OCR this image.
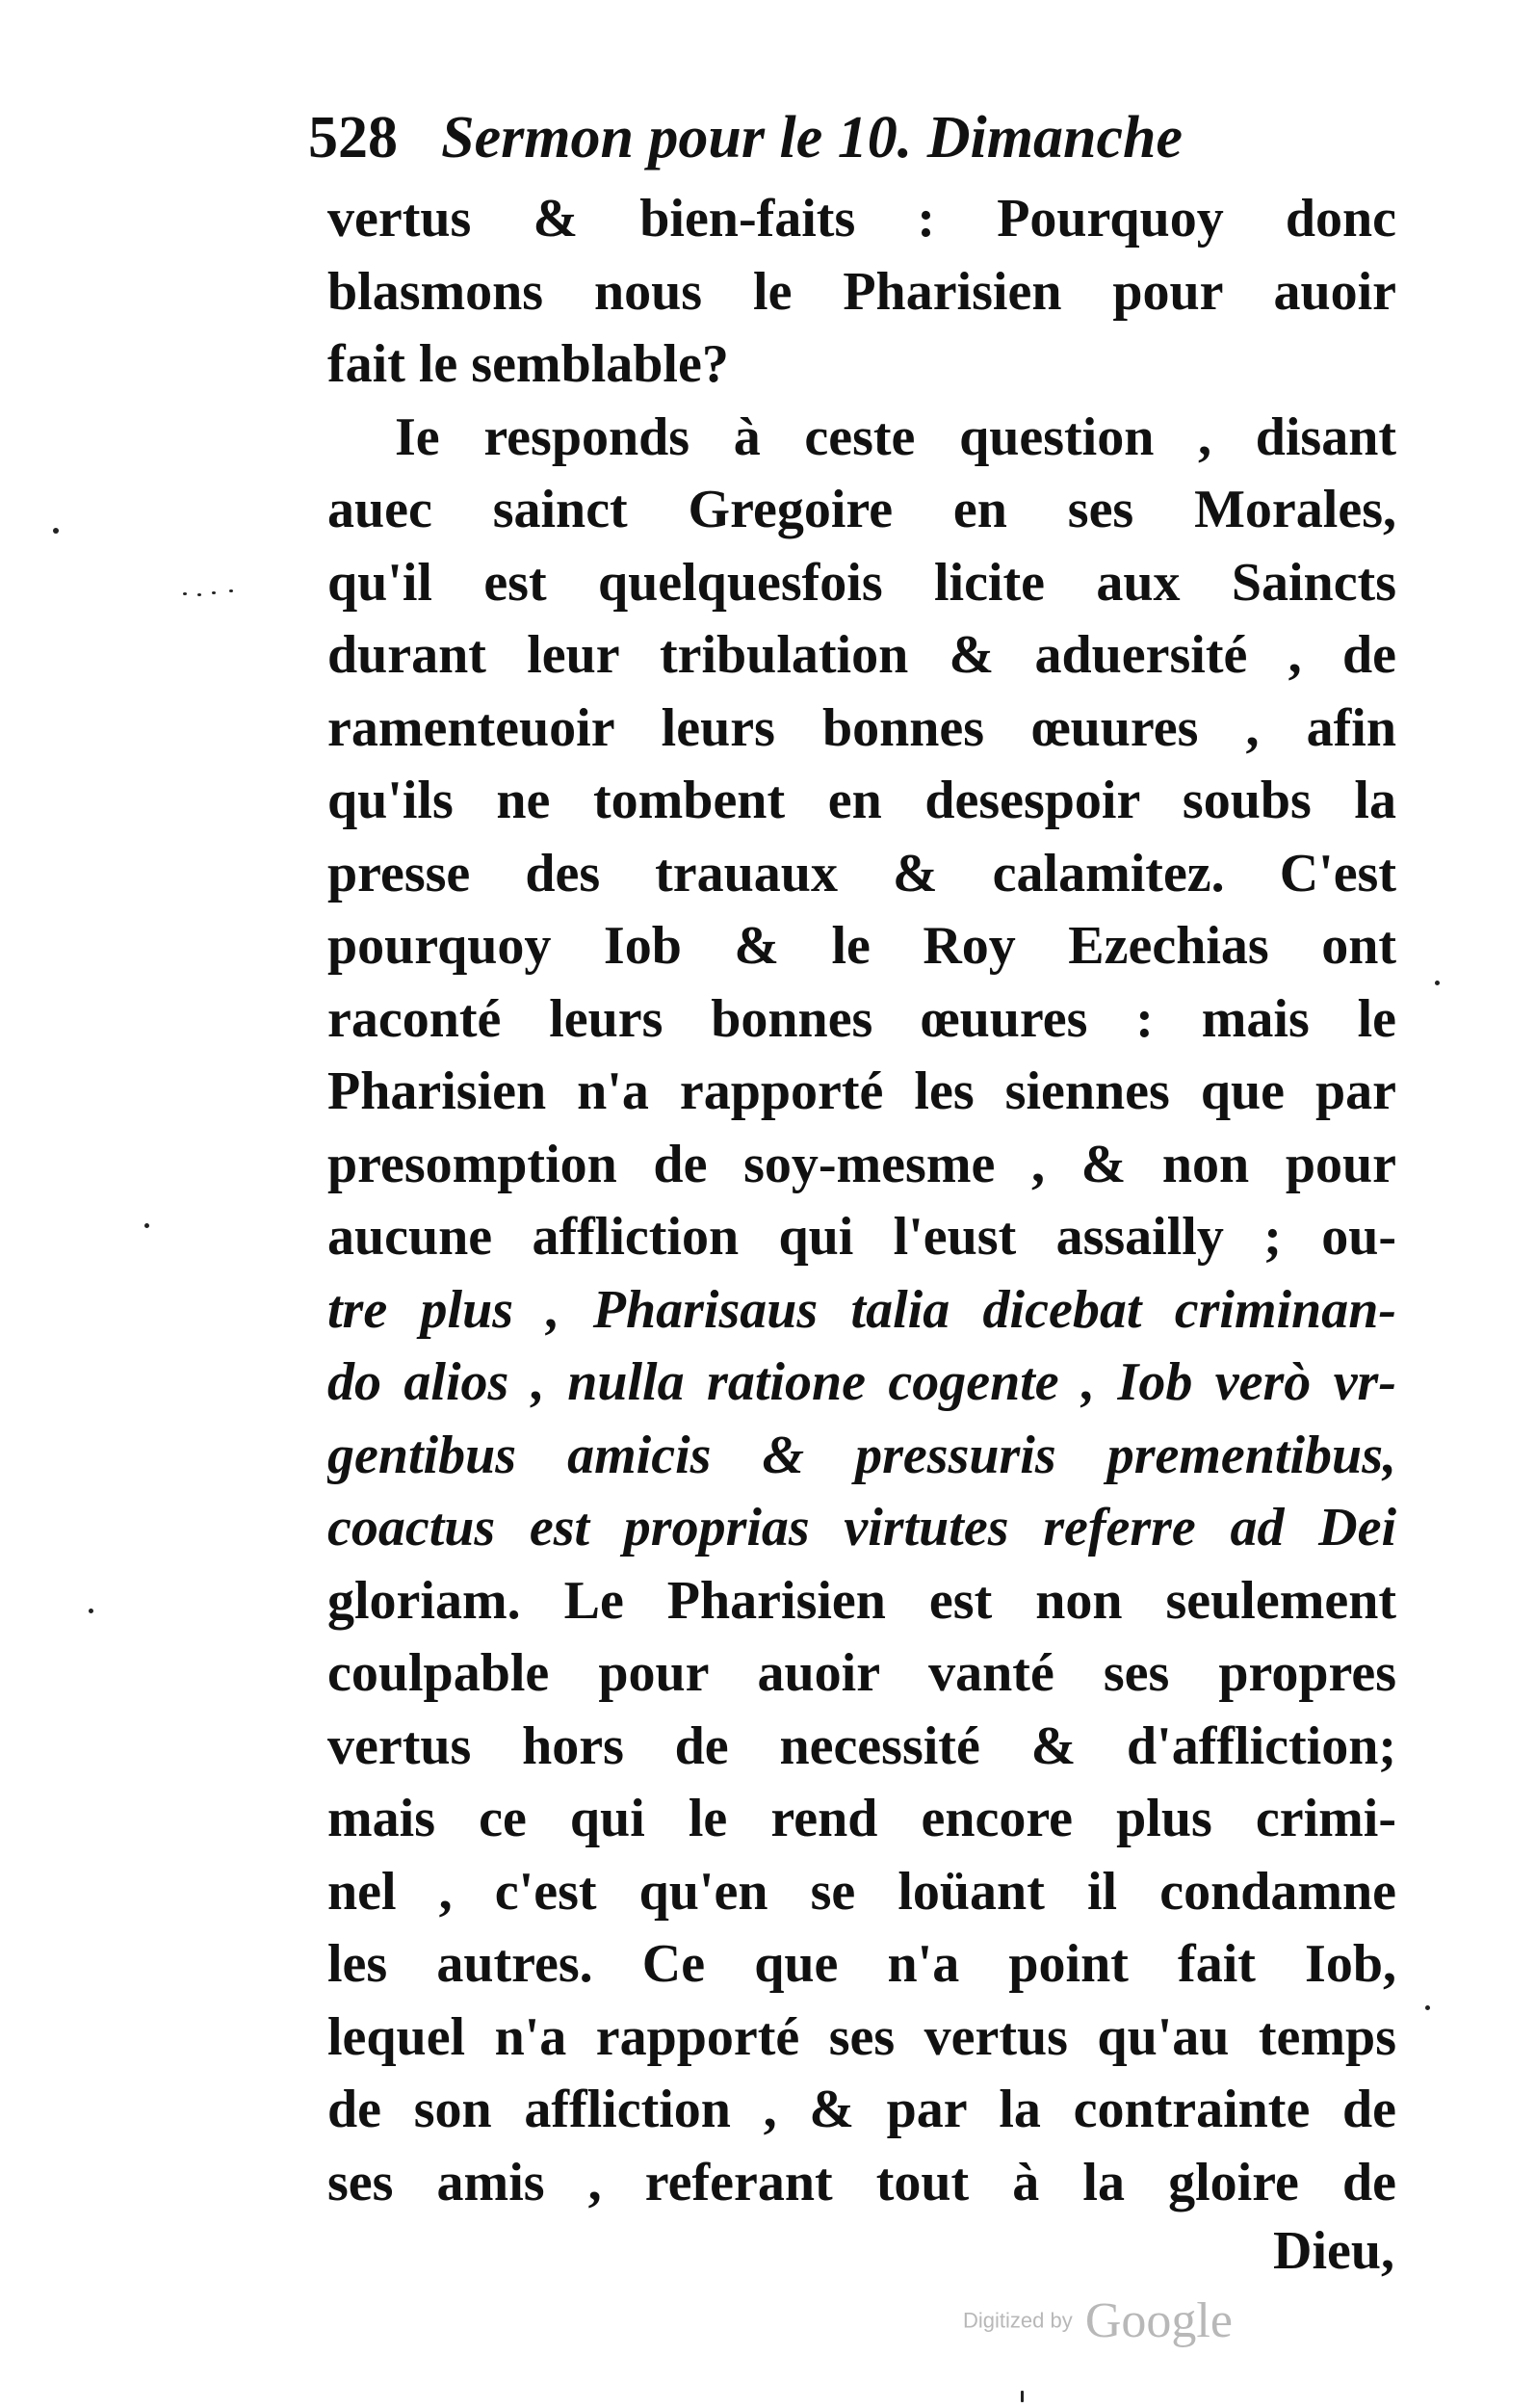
528 Sermon pour le 10. Dimanche
vertus & bien-faits : Pourquoy donc
blasmons nous le Pharisien pour auoir
fait le semblable?
Ie responds à ceste question , disant
auec sainct Gregoire en ses Morales,
qu'il est quelquesfois licite aux Saincts
durant leur tribulation & aduersité , de
ramenteuoir leurs bonnes œuures , afin
qu'ils ne tombent en desespoir soubs la
presse des trauaux & calamitez. C'est
pourquoy Iob & le Roy Ezechias ont
raconté leurs bonnes œuures : mais le
Pharisien n'a rapporté les siennes que par
presomption de soy-mesme , & non pour
aucune affliction qui l'eust assailly ; ou-
tre plus , Pharisaus talia dicebat criminan-
do alios , nulla ratione cogente , Iob verò vr-
gentibus amicis & pressuris prementibus,
coactus est proprias virtutes referre ad Dei
gloriam. Le Pharisien est non seulement
coulpable pour auoir vanté ses propres
vertus hors de necessité & d'affliction;
mais ce qui le rend encore plus crimi-
nel , c'est qu'en se loüant il condamne
les autres. Ce que n'a point fait Iob,
lequel n'a rapporté ses vertus qu'au temps
de son affliction , & par la contrainte de
ses amis , referant tout à la gloire de
Dieu,
Digitized by Google
